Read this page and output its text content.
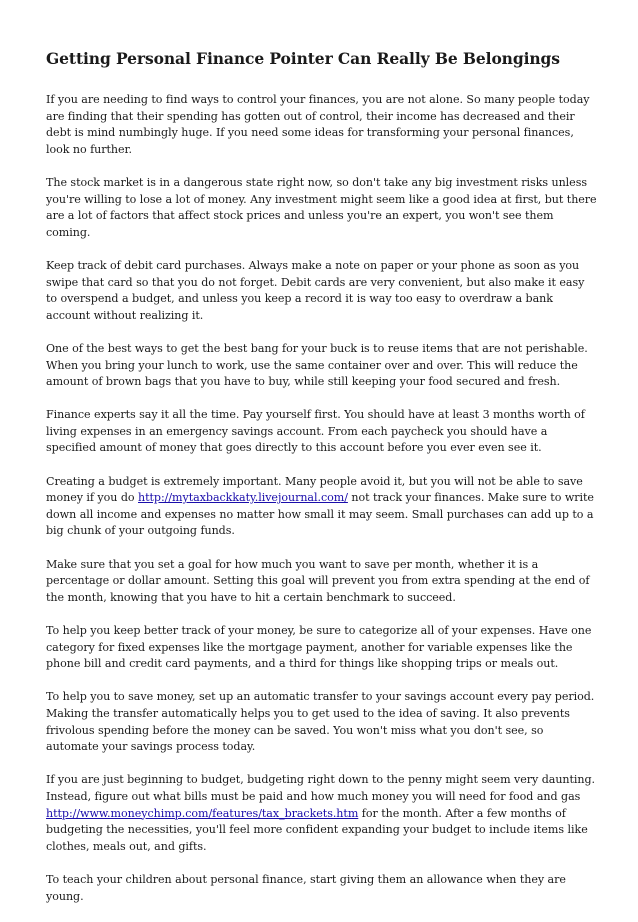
Getting Personal Finance Pointer Can Really Be Belongings

If you are needing to find ways to control your finances, you are not alone. So many people today are finding that their spending has gotten out of control, their income has decreased and their debt is mind numbingly huge. If you need some ideas for transforming your personal finances, look no further.

The stock market is in a dangerous state right now, so don't take any big investment risks unless you're willing to lose a lot of money. Any investment might seem like a good idea at first, but there are a lot of factors that affect stock prices and unless you're an expert, you won't see them coming.

Keep track of debit card purchases. Always make a note on paper or your phone as soon as you swipe that card so that you do not forget. Debit cards are very convenient, but also make it easy to overspend a budget, and unless you keep a record it is way too easy to overdraw a bank account without realizing it.

One of the best ways to get the best bang for your buck is to reuse items that are not perishable. When you bring your lunch to work, use the same container over and over. This will reduce the amount of brown bags that you have to buy, while still keeping your food secured and fresh.

Finance experts say it all the time. Pay yourself first. You should have at least 3 months worth of living expenses in an emergency savings account. From each paycheck you should have a specified amount of money that goes directly to this account before you ever even see it.

Creating a budget is extremely important. Many people avoid it, but you will not be able to save money if you do http://mytaxbackkaty.livejournal.com/ not track your finances. Make sure to write down all income and expenses no matter how small it may seem. Small purchases can add up to a big chunk of your outgoing funds.

Make sure that you set a goal for how much you want to save per month, whether it is a percentage or dollar amount. Setting this goal will prevent you from extra spending at the end of the month, knowing that you have to hit a certain benchmark to succeed.

To help you keep better track of your money, be sure to categorize all of your expenses. Have one category for fixed expenses like the mortgage payment, another for variable expenses like the phone bill and credit card payments, and a third for things like shopping trips or meals out.

To help you to save money, set up an automatic transfer to your savings account every pay period. Making the transfer automatically helps you to get used to the idea of saving. It also prevents frivolous spending before the money can be saved. You won't miss what you don't see, so automate your savings process today.

If you are just beginning to budget, budgeting right down to the penny might seem very daunting. Instead, figure out what bills must be paid and how much money you will need for food and gas http://www.moneychimp.com/features/tax_brackets.htm for the month. After a few months of budgeting the necessities, you'll feel more confident expanding your budget to include items like clothes, meals out, and gifts.

To teach your children about personal finance, start giving them an allowance when they are young.
